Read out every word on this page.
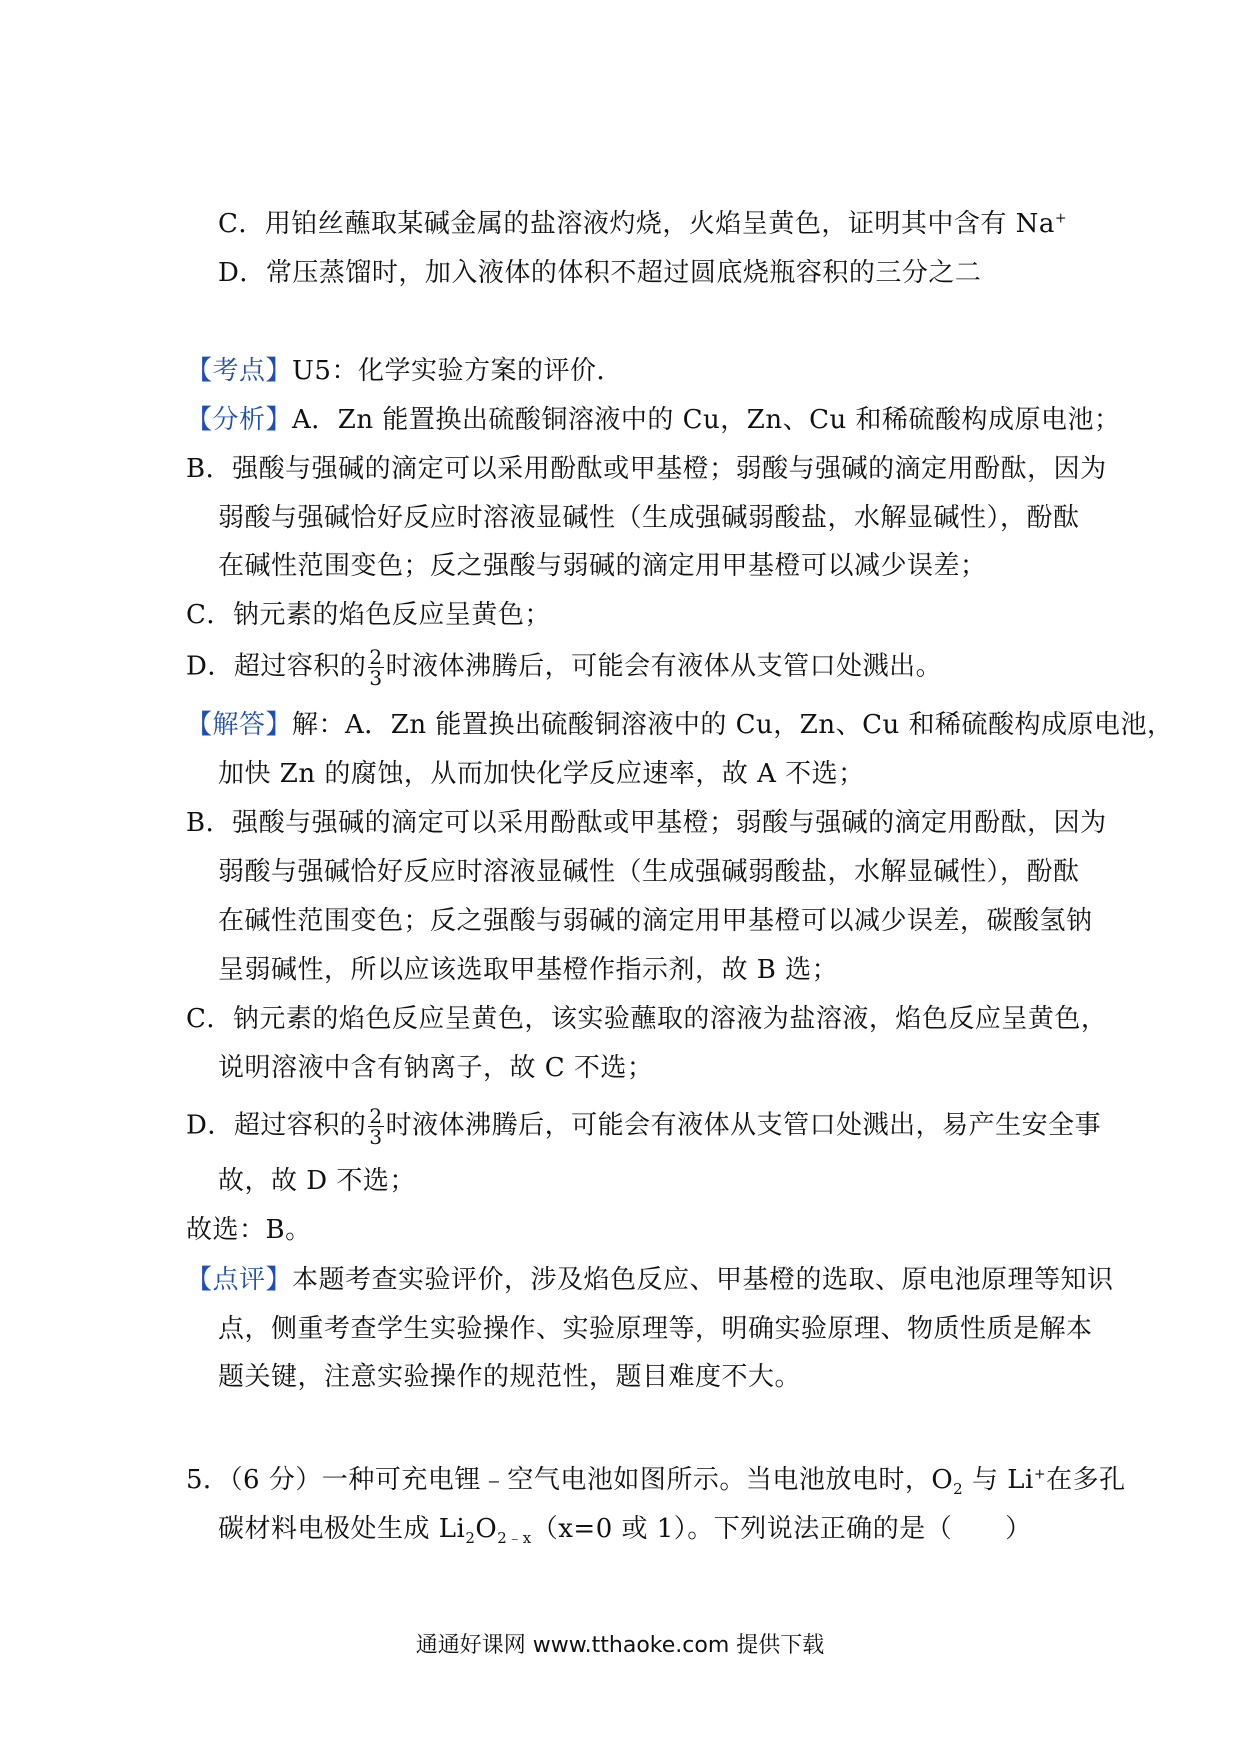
C．用铂丝蘸取某碱金属的盐溶液灼烧，火焰呈黄色，证明其中含有 Na+
D．常压蒸馏时，加入液体的体积不超过圆底烧瓶容积的三分之二
【考点】U5：化学实验方案的评价．
【分析】A．Zn 能置换出硫酸铜溶液中的 Cu，Zn、Cu 和稀硫酸构成原电池；
B．强酸与强碱的滴定可以采用酚酞或甲基橙；弱酸与强碱的滴定用酚酞，因为
弱酸与强碱恰好反应时溶液显碱性（生成强碱弱酸盐，水解显碱性），酚酞
在碱性范围变色；反之强酸与弱碱的滴定用甲基橙可以减少误差；
C．钠元素的焰色反应呈黄色；
D．超过容积的 $\frac{2}{3}$ 时液体沸腾后，可能会有液体从支管口处溅出。
【解答】解：A．Zn 能置换出硫酸铜溶液中的 Cu，Zn、Cu 和稀硫酸构成原电池，
加快 Zn 的腐蚀，从而加快化学反应速率，故 A 不选；
B．强酸与强碱的滴定可以采用酚酞或甲基橙；弱酸与强碱的滴定用酚酞，因为
弱酸与强碱恰好反应时溶液显碱性（生成强碱弱酸盐，水解显碱性），酚酞
在碱性范围变色；反之强酸与弱碱的滴定用甲基橙可以减少误差，碳酸氢钠
呈弱碱性，所以应该选取甲基橙作指示剂，故 B 选；
C．钠元素的焰色反应呈黄色，该实验蘸取的溶液为盐溶液，焰色反应呈黄色，
说明溶液中含有钠离子，故 C 不选；
D．超过容积的 $\frac{2}{3}$ 时液体沸腾后，可能会有液体从支管口处溅出，易产生安全事
故，故 D 不选；
故选：B。
【点评】本题考查实验评价，涉及焰色反应、甲基橙的选取、原电池原理等知识
点，侧重考查学生实验操作、实验原理等，明确实验原理、物质性质是解本
题关键，注意实验操作的规范性，题目难度不大。
5．（6 分）一种可充电锂﹣空气电池如图所示。当电池放电时，$O_2$ 与 Li+在多孔
碳材料电极处生成 $Li_2O_{2﹣x}(x=0$ 或 1）。下列说法正确的是（　　）
通通好课网 www.tthaoke.com 提供下载
